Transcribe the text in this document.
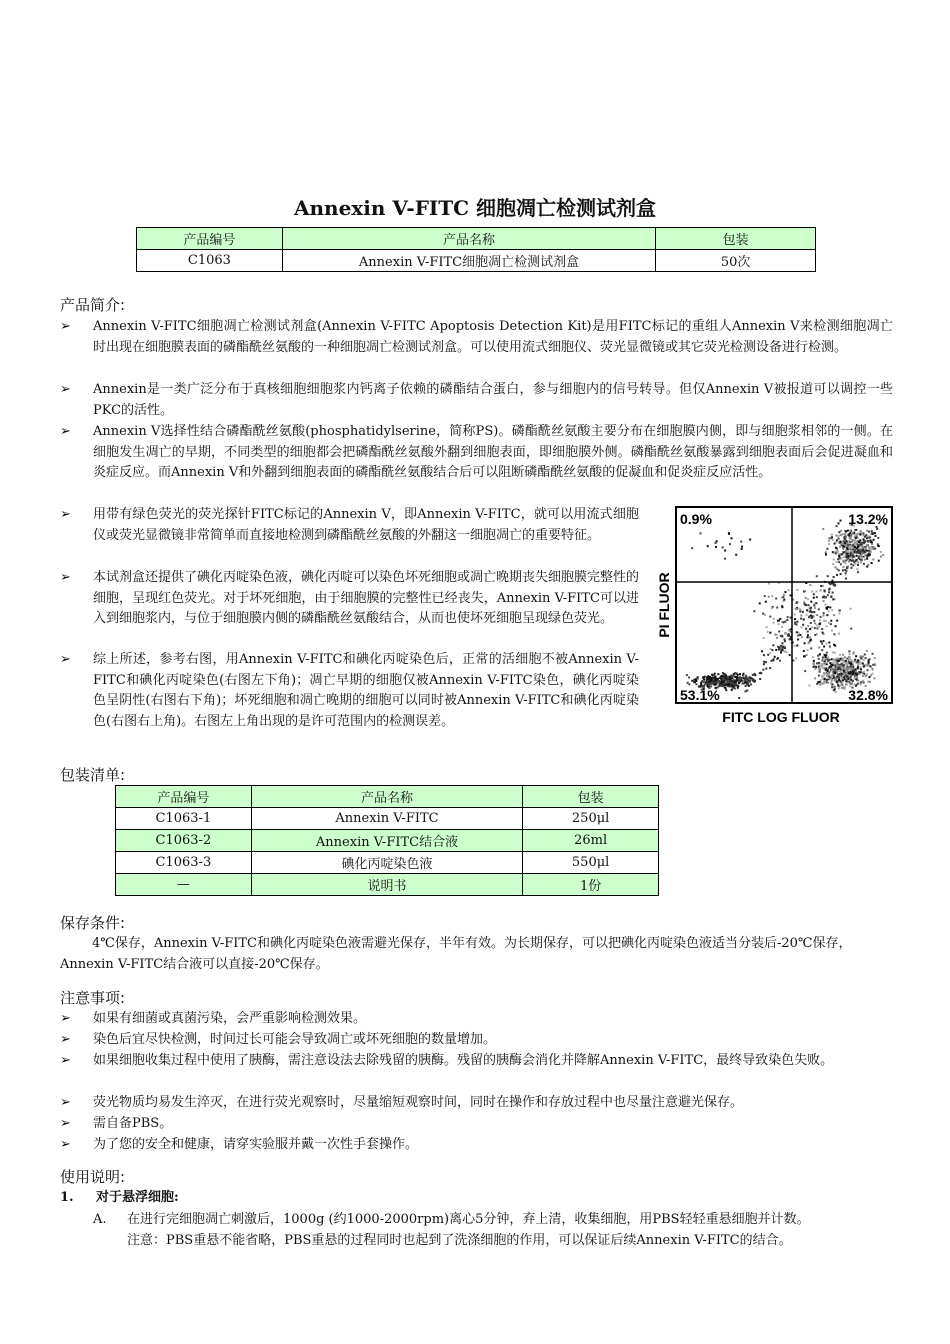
Annexin V-FITC 细胞凋亡检测试剂盒
产品编号	产品名称	包装
C1063	Annexin V-FITC细胞凋亡检测试剂盒	50次
产品简介:
➢ Annexin V-FITC细胞凋亡检测试剂盒(Annexin V-FITC Apoptosis Detection Kit)是用FITC标记的重组人Annexin V来检测细胞凋亡时出现在细胞膜表面的磷酯酰丝氨酸的一种细胞凋亡检测试剂盒。可以使用流式细胞仪、荧光显微镜或其它荧光检测设备进行检测。
➢ Annexin是一类广泛分布于真核细胞细胞浆内钙离子依赖的磷酯结合蛋白，参与细胞内的信号转导。但仅Annexin V被报道可以调控一些PKC的活性。
➢ Annexin V选择性结合磷酯酰丝氨酸(phosphatidylserine，简称PS)。磷酯酰丝氨酸主要分布在细胞膜内侧，即与细胞浆相邻的一侧。在细胞发生凋亡的早期，不同类型的细胞都会把磷酯酰丝氨酸外翻到细胞表面，即细胞膜外侧。磷酯酰丝氨酸暴露到细胞表面后会促进凝血和炎症反应。而Annexin V和外翻到细胞表面的磷酯酰丝氨酸结合后可以阻断磷酯酰丝氨酸的促凝血和促炎症反应活性。
➢ 用带有绿色荧光的荧光探针FITC标记的Annexin V，即Annexin V-FITC，就可以用流式细胞仪或荧光显微镜非常简单而直接地检测到磷酯酰丝氨酸的外翻这一细胞凋亡的重要特征。
➢ 本试剂盒还提供了碘化丙啶染色液，碘化丙啶可以染色坏死细胞或凋亡晚期丧失细胞膜完整性的细胞，呈现红色荧光。对于坏死细胞，由于细胞膜的完整性已经丧失，Annexin V-FITC可以进入到细胞浆内，与位于细胞膜内侧的磷酯酰丝氨酸结合，从而也使坏死细胞呈现绿色荧光。
➢ 综上所述，参考右图，用Annexin V-FITC和碘化丙啶染色后，正常的活细胞不被Annexin V-FITC和碘化丙啶染色(右图左下角)；凋亡早期的细胞仅被Annexin V-FITC染色，碘化丙啶染色呈阴性(右图右下角)；坏死细胞和凋亡晚期的细胞可以同时被Annexin V-FITC和碘化丙啶染色(右图右上角)。右图左上角出现的是许可范围内的检测误差。
0.9%	13.2%
53.1%	32.8%
PI FLUOR
FITC LOG FLUOR
包装清单:
产品编号	产品名称	包装
C1063-1	Annexin V-FITC	250μl
C1063-2	Annexin V-FITC结合液	26ml
C1063-3	碘化丙啶染色液	550μl
—	说明书	1份
保存条件:
4℃保存，Annexin V-FITC和碘化丙啶染色液需避光保存，半年有效。为长期保存，可以把碘化丙啶染色液适当分装后-20℃保存，Annexin V-FITC结合液可以直接-20℃保存。
注意事项:
➢ 如果有细菌或真菌污染，会严重影响检测效果。
➢ 染色后宜尽快检测，时间过长可能会导致凋亡或坏死细胞的数量增加。
➢ 如果细胞收集过程中使用了胰酶，需注意设法去除残留的胰酶。残留的胰酶会消化并降解Annexin V-FITC，最终导致染色失败。
➢ 荧光物质均易发生淬灭，在进行荧光观察时，尽量缩短观察时间，同时在操作和存放过程中也尽量注意避光保存。
➢ 需自备PBS。
➢ 为了您的安全和健康，请穿实验服并戴一次性手套操作。
使用说明:
1. 对于悬浮细胞:
A. 在进行完细胞凋亡刺激后，1000g (约1000-2000rpm)离心5分钟，弃上清，收集细胞，用PBS轻轻重悬细胞并计数。
注意：PBS重悬不能省略，PBS重悬的过程同时也起到了洗涤细胞的作用，可以保证后续Annexin V-FITC的结合。
